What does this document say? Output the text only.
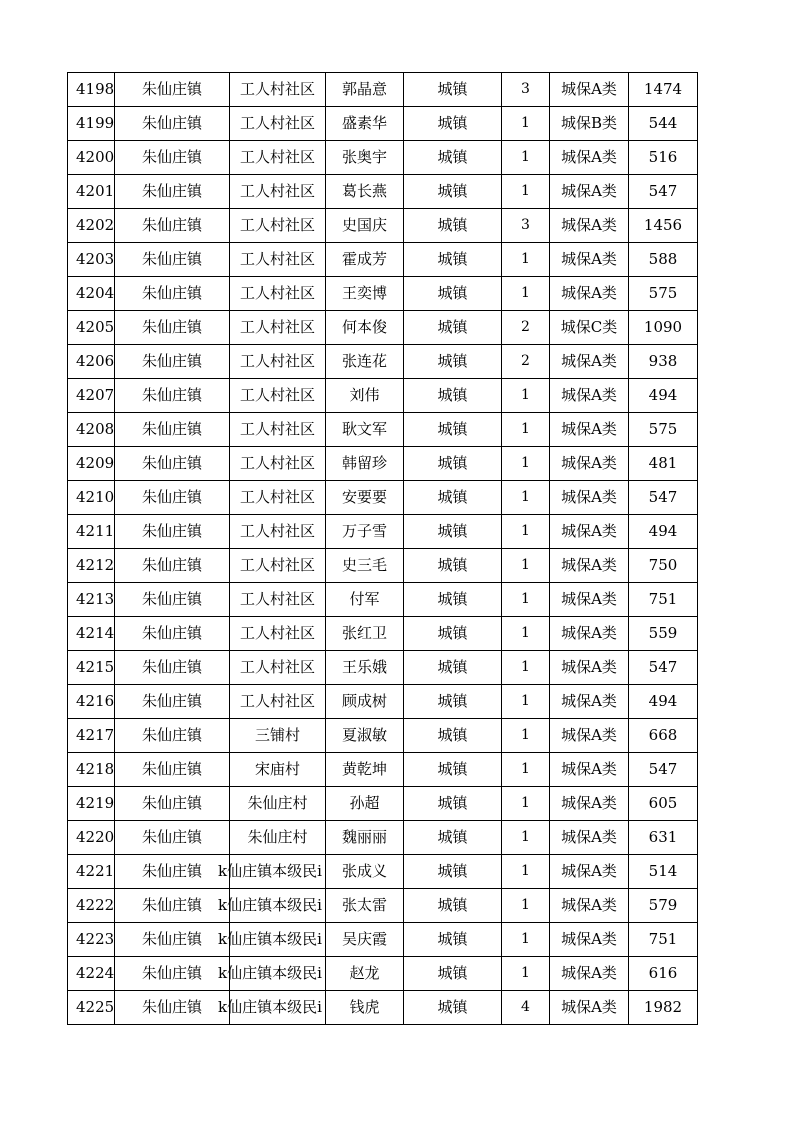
4198	朱仙庄镇	工人村社区	郭晶意	城镇	3	城保A类	1474
4199	朱仙庄镇	工人村社区	盛素华	城镇	1	城保B类	544
4200	朱仙庄镇	工人村社区	张奥宇	城镇	1	城保A类	516
4201	朱仙庄镇	工人村社区	葛长燕	城镇	1	城保A类	547
4202	朱仙庄镇	工人村社区	史国庆	城镇	3	城保A类	1456
4203	朱仙庄镇	工人村社区	霍成芳	城镇	1	城保A类	588
4204	朱仙庄镇	工人村社区	王奕博	城镇	1	城保A类	575
4205	朱仙庄镇	工人村社区	何本俊	城镇	2	城保C类	1090
4206	朱仙庄镇	工人村社区	张连花	城镇	2	城保A类	938
4207	朱仙庄镇	工人村社区	刘伟	城镇	1	城保A类	494
4208	朱仙庄镇	工人村社区	耿文军	城镇	1	城保A类	575
4209	朱仙庄镇	工人村社区	韩留珍	城镇	1	城保A类	481
4210	朱仙庄镇	工人村社区	安要要	城镇	1	城保A类	547
4211	朱仙庄镇	工人村社区	万子雪	城镇	1	城保A类	494
4212	朱仙庄镇	工人村社区	史三毛	城镇	1	城保A类	750
4213	朱仙庄镇	工人村社区	付军	城镇	1	城保A类	751
4214	朱仙庄镇	工人村社区	张红卫	城镇	1	城保A类	559
4215	朱仙庄镇	工人村社区	王乐娥	城镇	1	城保A类	547
4216	朱仙庄镇	工人村社区	顾成树	城镇	1	城保A类	494
4217	朱仙庄镇	三铺村	夏淑敏	城镇	1	城保A类	668
4218	朱仙庄镇	宋庙村	黄乾坤	城镇	1	城保A类	547
4219	朱仙庄镇	朱仙庄村	孙超	城镇	1	城保A类	605
4220	朱仙庄镇	朱仙庄村	魏丽丽	城镇	1	城保A类	631
4221	朱仙庄镇	k仙庄镇本级民i	张成义	城镇	1	城保A类	514
4222	朱仙庄镇	k仙庄镇本级民i	张太雷	城镇	1	城保A类	579
4223	朱仙庄镇	k仙庄镇本级民i	吴庆霞	城镇	1	城保A类	751
4224	朱仙庄镇	k仙庄镇本级民i	赵龙	城镇	1	城保A类	616
4225	朱仙庄镇	k仙庄镇本级民i	钱虎	城镇	4	城保A类	1982
